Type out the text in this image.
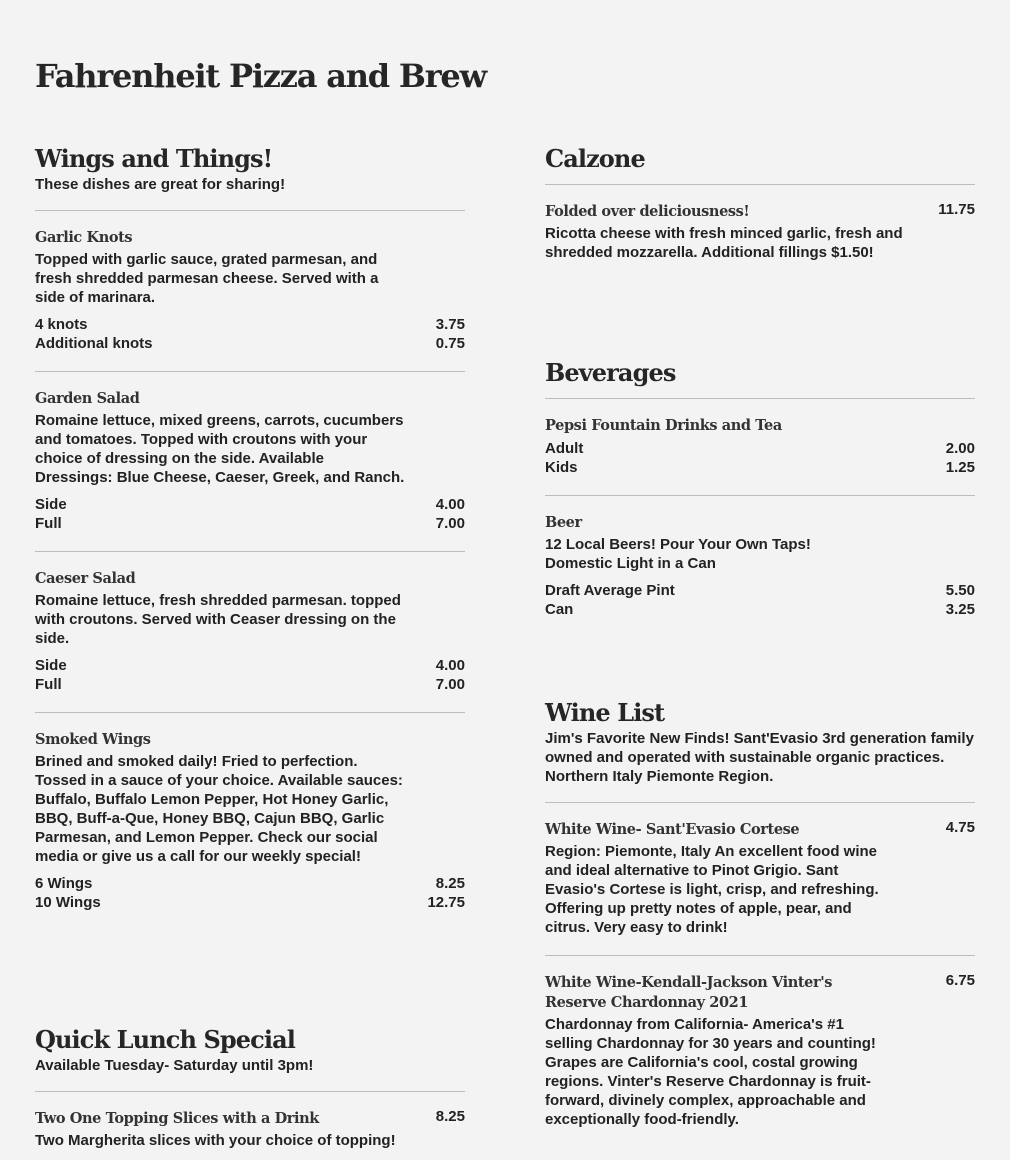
Fahrenheit Pizza and Brew
Wings and Things!
These dishes are great for sharing!
Garlic Knots
Topped with garlic sauce, grated parmesan, and fresh shredded parmesan cheese. Served with a side of marinara.
4 knots	3.75
Additional knots	0.75
Garden Salad
Romaine lettuce, mixed greens, carrots, cucumbers and tomatoes. Topped with croutons with your choice of dressing on the side. Available Dressings: Blue Cheese, Caeser, Greek, and Ranch.
Side	4.00
Full	7.00
Caeser Salad
Romaine lettuce, fresh shredded parmesan. topped with croutons. Served with Ceaser dressing on the side.
Side	4.00
Full	7.00
Smoked Wings
Brined and smoked daily! Fried to perfection. Tossed in a sauce of your choice. Available sauces: Buffalo, Buffalo Lemon Pepper, Hot Honey Garlic, BBQ, Buff-a-Que, Honey BBQ, Cajun BBQ, Garlic Parmesan, and Lemon Pepper. Check our social media or give us a call for our weekly special!
6 Wings	8.25
10 Wings	12.75
Quick Lunch Special
Available Tuesday- Saturday until 3pm!
Two One Topping Slices with a Drink	8.25
Two Margherita slices with your choice of topping!
Calzone
Folded over deliciousness!	11.75
Ricotta cheese with fresh minced garlic, fresh and shredded mozzarella. Additional fillings $1.50!
Beverages
Pepsi Fountain Drinks and Tea
Adult	2.00
Kids	1.25
Beer
12 Local Beers! Pour Your Own Taps! Domestic Light in a Can
Draft Average Pint	5.50
Can	3.25
Wine List
Jim's Favorite New Finds! Sant'Evasio 3rd generation family owned and operated with sustainable organic practices. Northern Italy Piemonte Region.
White Wine- Sant'Evasio Cortese	4.75
Region: Piemonte, Italy An excellent food wine and ideal alternative to Pinot Grigio. Sant Evasio's Cortese is light, crisp, and refreshing. Offering up pretty notes of apple, pear, and citrus. Very easy to drink!
White Wine-Kendall-Jackson Vinter's Reserve Chardonnay 2021
6.75
Chardonnay from California- America's #1 selling Chardonnay for 30 years and counting! Grapes are California's cool, costal growing regions. Vinter's Reserve Chardonnay is fruit-forward, divinely complex, approachable and exceptionally food-friendly.
